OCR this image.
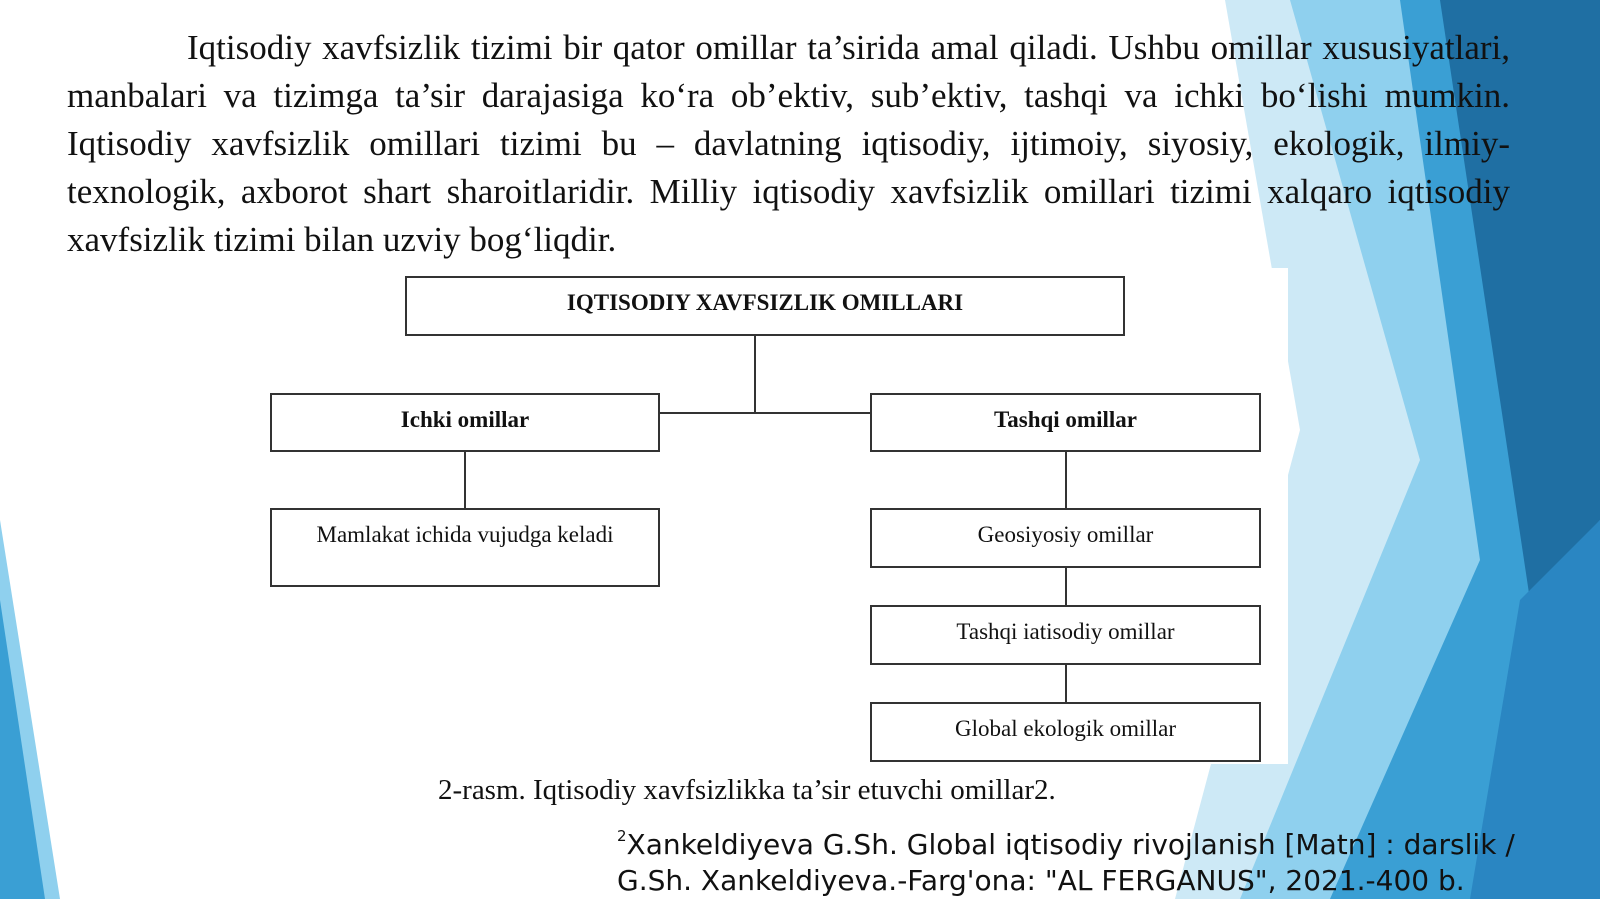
Iqtisodiy xavfsizlik tizimi bir qator omillar ta’sirida amal qiladi. Ushbu omillar xususiyatlari, manbalari va tizimga ta’sir darajasiga ko‘ra ob’ektiv, sub’ektiv, tashqi va ichki bo‘lishi mumkin. Iqtisodiy xavfsizlik omillari tizimi bu – davlatning iqtisodiy, ijtimoiy, siyosiy, ekologik, ilmiy-texnologik, axborot shart sharoitlaridir. Milliy iqtisodiy xavfsizlik omillari tizimi xalqaro iqtisodiy xavfsizlik tizimi bilan uzviy bog‘liqdir.
IQTISODIY XAVFSIZLIK OMILLARI
Ichki omillar	Tashqi omillar
Mamlakat ichida vujudga keladi	Geosiyosiy omillar
Tashqi iatisodiy omillar
Global ekologik omillar
2-rasm. Iqtisodiy xavfsizlikka ta’sir etuvchi omillar2.
$^2$Xankeldiyeva G.Sh. Global iqtisodiy rivojlanish [Matn] : darslik / G.Sh. Xankeldiyeva.-Farg'ona: "AL FERGANUS", 2021.-400 b.
